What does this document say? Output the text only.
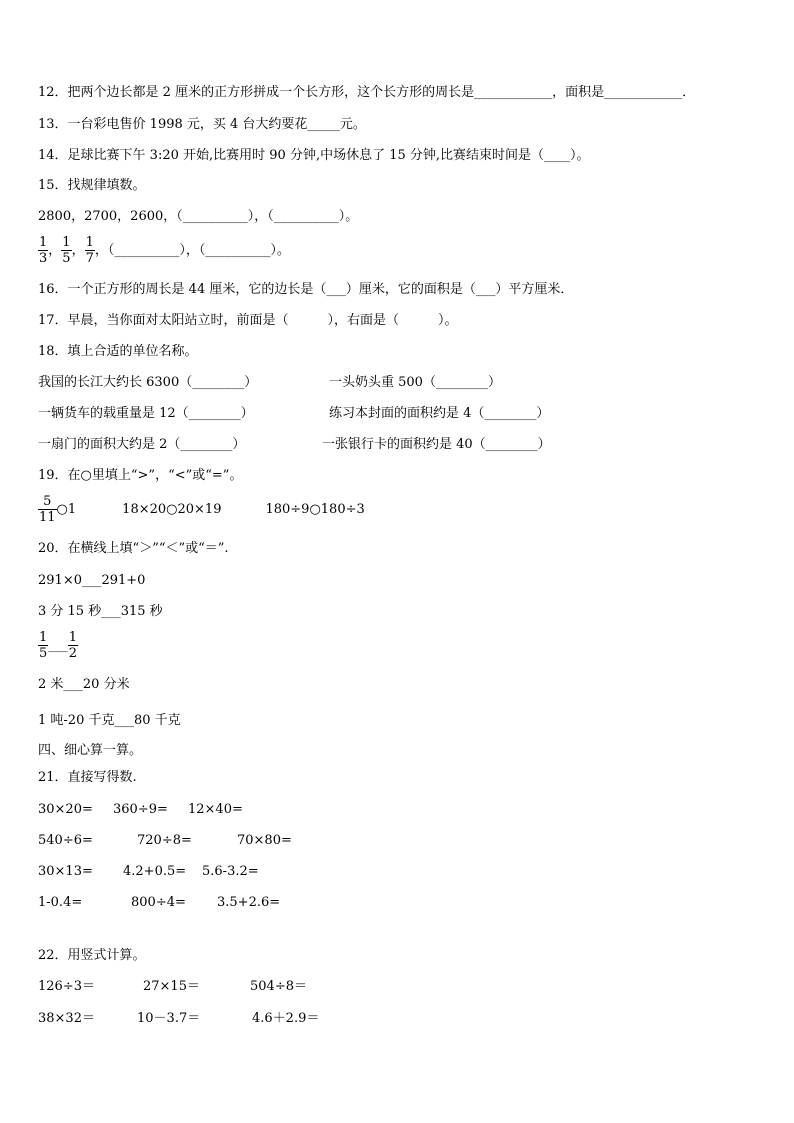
12．把两个边长都是 2 厘米的正方形拼成一个长方形，这个长方形的周长是____________，面积是____________．
13．一台彩电售价 1998 元，买 4 台大约要花_____元。
14．足球比赛下午 3:20 开始,比赛用时 90 分钟,中场休息了 15 分钟,比赛结束时间是（____）。
15．找规律填数。
2800，2700，2600，（__________），（__________）。
$\frac{1}{3}$ ， $\frac{1}{5}$ ， $\frac{1}{7}$ ，（__________），（__________）。
16．一个正方形的周长是 44 厘米，它的边长是（___）厘米，它的面积是（___）平方厘米．
17．早晨，当你面对太阳站立时，前面是（　　　），右面是（　　　）。
18．填上合适的单位名称。
我国的长江大约长 6300（________）	一头奶头重 500（________）
一辆货车的载重量是 12（________）	练习本封面的面积约是 4（________）
一扇门的面积大约是 2（________）	一张银行卡的面积约是 40（________）
19．在○里填上“>”，“<”或“=”。
$\frac{5}{11}$ ○1	18×20○20×19	180÷9○180÷3
20．在横线上填“＞”“＜”或“＝”.
291×0___291+0
3 分 15 秒___315 秒
$\frac{1}{5}$ ___ $\frac{1}{2}$
2 米___20 分米
1 吨-20 千克___80 千克
四、细心算一算。
21．直接写得数.
30×20= 360÷9= 12×40=
540÷6=	720÷8=	70×80=
30×13= 4.2+0.5= 5.6-3.2=
1-0.4=	800÷4= 3.5+2.6=
22．用竖式计算。
126÷3＝	27×15＝	504÷8＝
38×32＝	10－3.7＝	4.6＋2.9＝
